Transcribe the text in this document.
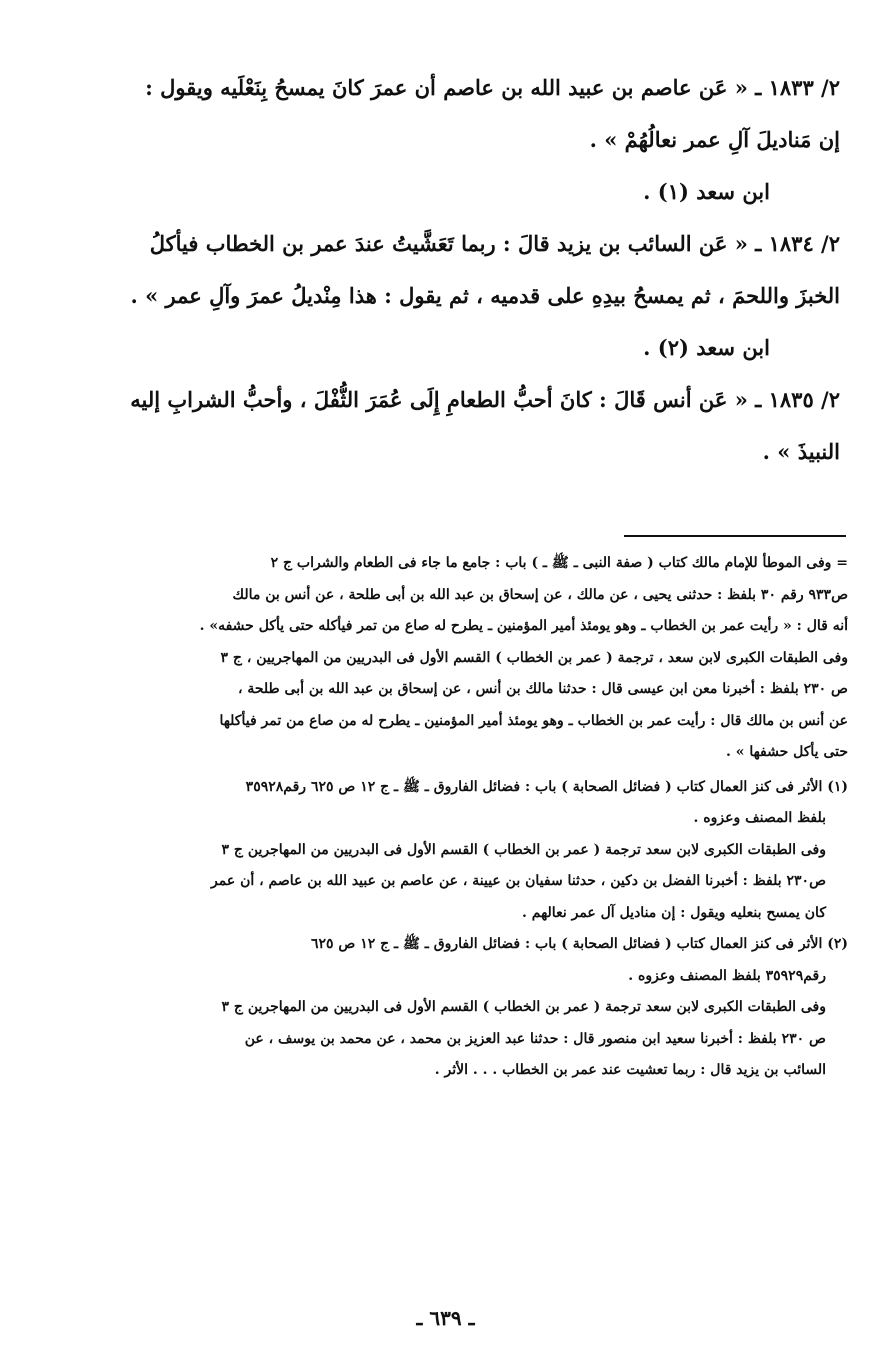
٢/ ١٨٣٣ ـ « عَن عاصم بن عبيد الله بن عاصم أن عمرَ كانَ يمسحُ بِنَعْلَيه ويقول :

إن مَناديلَ آلِ عمر نعالُهُمْ » .

ابن سعد (١) .

٢/ ١٨٣٤ ـ « عَن السائب بن يزيد قالَ : ربما تَعَشَّيتُ عندَ عمر بن الخطاب فيأكلُ

الخبزَ واللحمَ ، ثم يمسحُ بيدِهِ على قدميه ، ثم يقول : هذا مِنْديلُ عمرَ وآلِ عمر » .

ابن سعد (٢) .

٢/ ١٨٣٥ ـ « عَن أنس قَالَ : كانَ أحبُّ الطعامِ إِلَى عُمَرَ الثُّفْلَ ، وأحبُّ الشرابِ إليه

النبيذَ » .

= وفى الموطأ للإمام مالك كتاب ( صفة النبى ـ ﷺ ـ ) باب : جامع ما جاء فى الطعام والشراب ج ٢

ص٩٣٣ رقم ٣٠ بلفظ : حدثنى يحيى ، عن مالك ، عن إسحاق بن عبد الله بن أبى طلحة ، عن أنس بن مالك

أنه قال : « رأيت عمر بن الخطاب ـ وهو يومئذ أمير المؤمنين ـ يطرح له صاع من تمر فيأكله حتى يأكل حشفه» .

وفى الطبقات الكبرى لابن سعد ، ترجمة ( عمر بن الخطاب ) القسم الأول فى البدريين من المهاجريين ، ج ٣

ص ٢٣٠ بلفظ : أخبرنا معن ابن عيسى قال : حدثنا مالك بن أنس ، عن إسحاق بن عبد الله بن أبى طلحة ،

عن أنس بن مالك قال : رأيت عمر بن الخطاب ـ وهو يومئذ أمير المؤمنين ـ يطرح له من صاع من تمر فيأكلها

حتى يأكل حشفها » .

(١) الأثر فى كنز العمال كتاب ( فضائل الصحابة ) باب : فضائل الفاروق ـ ﷺ ـ ج ١٢ ص ٦٢٥ رقم٣٥٩٢٨

بلفظ المصنف وعزوه .

وفى الطبقات الكبرى لابن سعد ترجمة ( عمر بن الخطاب ) القسم الأول فى البدريين من المهاجرين ج ٣

ص٢٣٠ بلفظ : أخبرنا الفضل بن دكين ، حدثنا سفيان بن عيينة ، عن عاصم بن عبيد الله بن عاصم ، أن عمر

كان يمسح بنعليه ويقول : إن مناديل آل عمر نعالهم .

(٢) الأثر فى كنز العمال كتاب ( فضائل الصحابة ) باب : فضائل الفاروق ـ ﷺ ـ ج ١٢ ص ٦٢٥

رقم٣٥٩٢٩ بلفظ المصنف وعزوه .

وفى الطبقات الكبرى لابن سعد ترجمة ( عمر بن الخطاب ) القسم الأول فى البدريين من المهاجرين ج ٣

ص ٢٣٠ بلفظ : أخبرنا سعيد ابن منصور قال : حدثنا عبد العزيز بن محمد ، عن محمد بن يوسف ، عن

السائب بن يزيد قال : ربما تعشيت عند عمر بن الخطاب . . . الأثر .

ـ ٦٣٩ ـ
